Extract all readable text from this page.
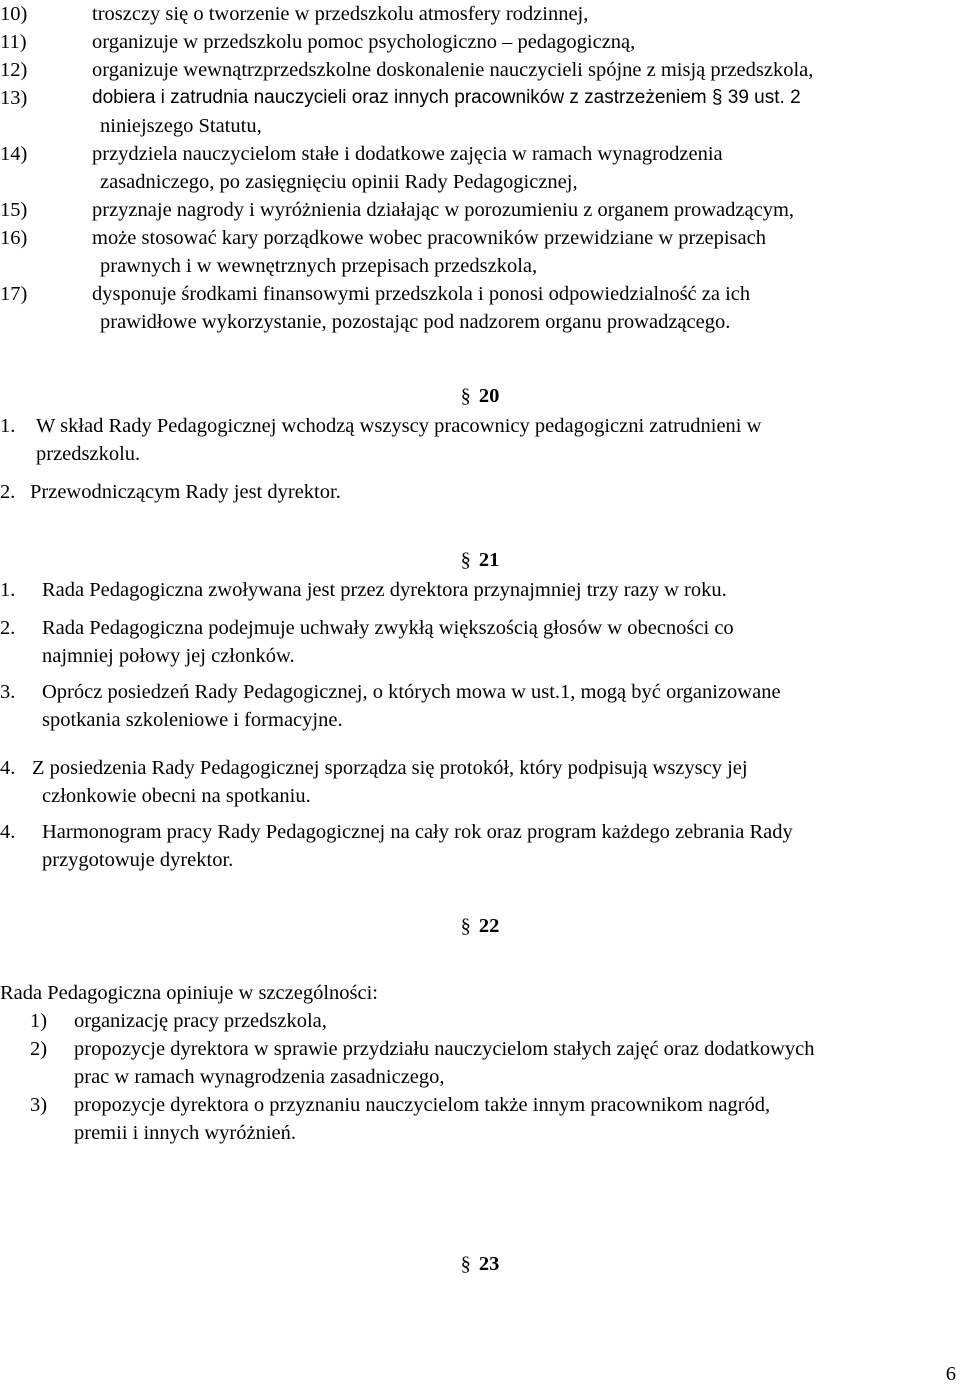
10)	troszczy się o tworzenie w przedszkolu atmosfery rodzinnej,
11)	organizuje w przedszkolu pomoc psychologiczno – pedagogiczną,
12)	organizuje wewnątrzprzedszkolne doskonalenie nauczycieli spójne z misją przedszkola,
13)	dobiera i zatrudnia nauczycieli oraz innych pracowników z zastrzeżeniem § 39 ust. 2
niniejszego Statutu,
14)	przydziela nauczycielom stałe i dodatkowe zajęcia w ramach wynagrodzenia
zasadniczego, po zasięgnięciu opinii Rady Pedagogicznej,
15)	przyznaje nagrody i wyróżnienia działając w porozumieniu z organem prowadzącym,
16)	może stosować kary porządkowe wobec pracowników przewidziane w przepisach
prawnych i w wewnętrznych przepisach przedszkola,
17)	dysponuje środkami finansowymi przedszkola i ponosi odpowiedzialność za ich
prawidłowe wykorzystanie, pozostając pod nadzorem organu prowadzącego.
§ 20
1. W skład Rady Pedagogicznej wchodzą wszyscy pracownicy pedagogiczni zatrudnieni w
przedszkolu.
2. Przewodniczącym Rady jest dyrektor.
§ 21
1. Rada Pedagogiczna zwoływana jest przez dyrektora przynajmniej trzy razy w roku.
2. Rada Pedagogiczna podejmuje uchwały zwykłą większością głosów w obecności co
najmniej połowy jej członków.
3. Oprócz posiedzeń Rady Pedagogicznej, o których mowa w ust.1, mogą być organizowane
spotkania szkoleniowe i formacyjne.
4. Z posiedzenia Rady Pedagogicznej sporządza się protokół, który podpisują wszyscy jej
członkowie obecni na spotkaniu.
4. Harmonogram pracy Rady Pedagogicznej na cały rok oraz program każdego zebrania Rady
przygotowuje dyrektor.
§ 22
Rada Pedagogiczna opiniuje w szczególności:
1) organizację pracy przedszkola,
2) propozycje dyrektora w sprawie przydziału nauczycielom stałych zajęć oraz dodatkowych
prac w ramach wynagrodzenia zasadniczego,
3) propozycje dyrektora o przyznaniu nauczycielom także innym pracownikom nagród,
premii i innych wyróżnień.
§ 23
6
